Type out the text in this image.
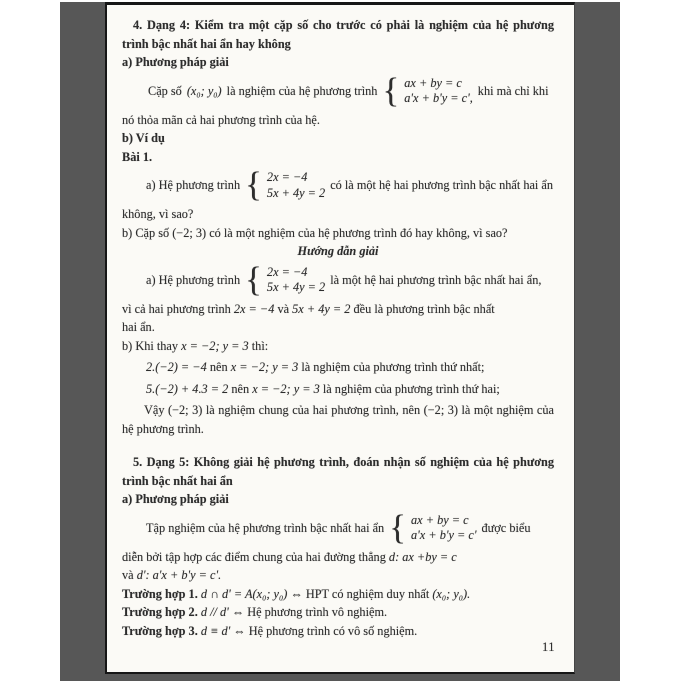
4. Dạng 4: Kiểm tra một cặp số cho trước có phải là nghiệm của hệ phương trình bậc nhất hai ẩn hay không

a) Phương pháp giải

Cặp số (x₀; y₀) là nghiệm của hệ phương trình { ax + by = c
a'x + b'y = c',
khi mà chỉ khi

nó thỏa mãn cả hai phương trình của hệ.

b) Ví dụ

Bài 1.

a) Hệ phương trình { 2x = −4
5x + 4y = 2
có là một hệ hai phương trình bậc nhất hai ẩn

không, vì sao?

b) Cặp số (−2; 3) có là một nghiệm của hệ phương trình đó hay không, vì sao?

Hướng dẫn giải

a) Hệ phương trình { 2x = −4
5x + 4y = 2
là một hệ hai phương trình bậc nhất hai ẩn,

vì cả hai phương trình 2x = −4 và 5x + 4y = 2 đều là phương trình bậc nhất

hai ẩn.

b) Khi thay x = −2; y = 3 thì:

2.(−2) = −4 nên x = −2; y = 3 là nghiệm của phương trình thứ nhất;

5.(−2) + 4.3 = 2 nên x = −2; y = 3 là nghiệm của phương trình thứ hai;

Vậy (−2; 3) là nghiệm chung của hai phương trình, nên (−2; 3) là một nghiệm của hệ phương trình.

5. Dạng 5: Không giải hệ phương trình, đoán nhận số nghiệm của hệ phương trình bậc nhất hai ẩn

a) Phương pháp giải

Tập nghiệm của hệ phương trình bậc nhất hai ẩn { ax + by = c
a'x + b'y = c'
được biểu

diễn bởi tập hợp các điểm chung của hai đường thẳng d: ax +by = c

và d': a'x + b'y = c'.

Trường hợp 1. d ∩ d' = A(x₀; y₀) ⇔ HPT có nghiệm duy nhất (x₀; y₀).

Trường hợp 2. d // d' ⇔ Hệ phương trình vô nghiệm.

Trường hợp 3. d ≡ d' ⇔ Hệ phương trình có vô số nghiệm.

11
